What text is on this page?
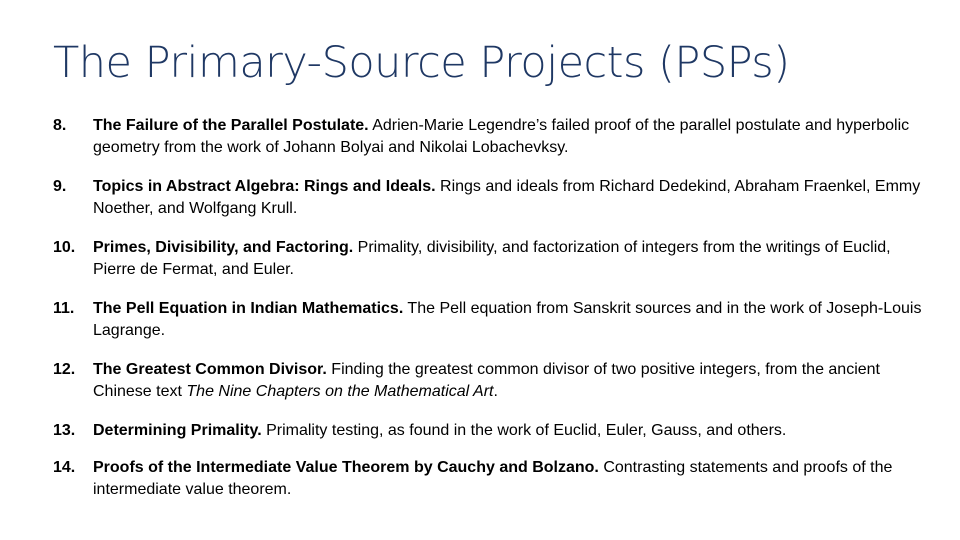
The Primary-Source Projects (PSPs)
8. The Failure of the Parallel Postulate. Adrien-Marie Legendre’s failed proof of the parallel postulate and hyperbolic geometry from the work of Johann Bolyai and Nikolai Lobachevksy.
9. Topics in Abstract Algebra: Rings and Ideals. Rings and ideals from Richard Dedekind, Abraham Fraenkel, Emmy Noether, and Wolfgang Krull.
10. Primes, Divisibility, and Factoring. Primality, divisibility, and factorization of integers from the writings of Euclid, Pierre de Fermat, and Euler.
11. The Pell Equation in Indian Mathematics. The Pell equation from Sanskrit sources and in the work of Joseph-Louis Lagrange.
12. The Greatest Common Divisor. Finding the greatest common divisor of two positive integers, from the ancient Chinese text The Nine Chapters on the Mathematical Art.
13. Determining Primality. Primality testing, as found in the work of Euclid, Euler, Gauss, and others.
14. Proofs of the Intermediate Value Theorem by Cauchy and Bolzano. Contrasting statements and proofs of the intermediate value theorem.
